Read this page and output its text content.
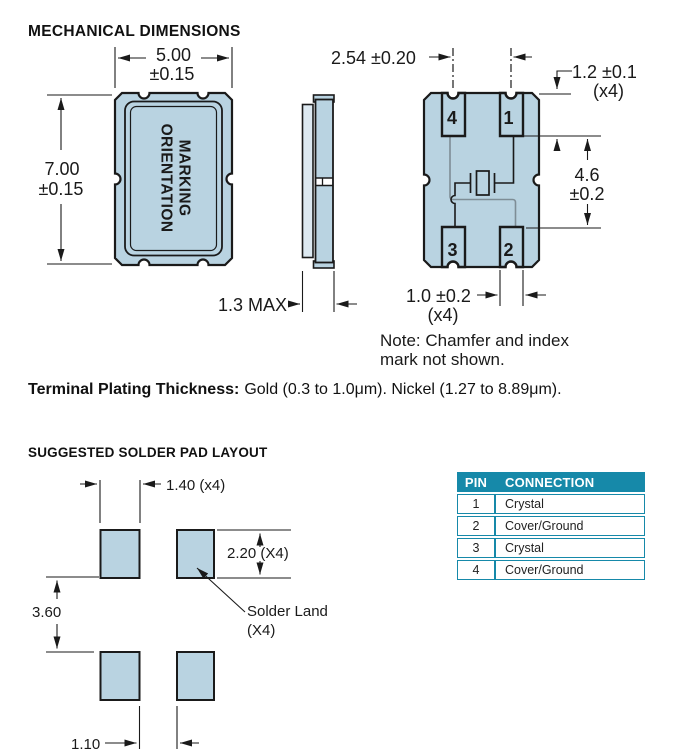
MECHANICAL DIMENSIONS
Terminal Plating Thickness: Gold (0.3 to 1.0μm). Nickel (1.27 to 8.89μm).
SUGGESTED SOLDER PAD LAYOUT
PIN	CONNECTION
1	Crystal
2	Cover/Ground
3	Crystal
4	Cover/Ground
MARKING
ORIENTATION
5.00
±0.15
7.00
±0.15
1.3 MAX
4	1
3	2
2.54 ±0.20
1.2 ±0.1
(x4)
4.6
±0.2
1.0 ±0.2
(x4)
Note: Chamfer and index
mark not shown.
1.40 (x4)
2.20 (X4)
3.60	Solder Land
(X4)
1.10
